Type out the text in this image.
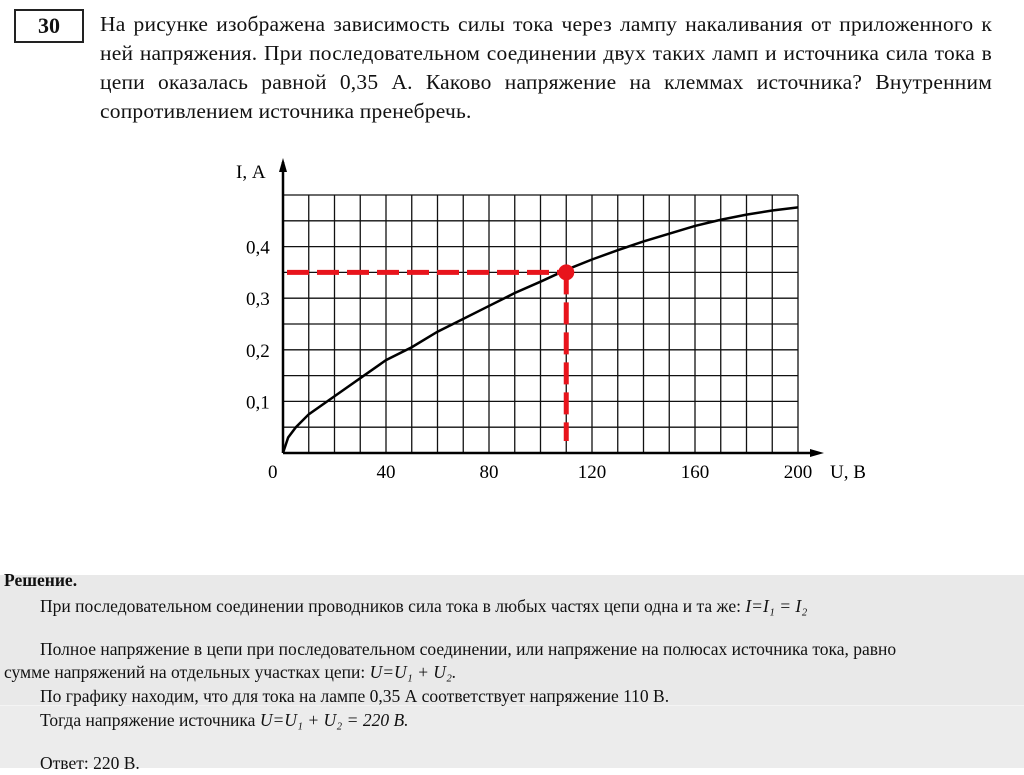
30	На рисунке изображена зависимость силы тока через лампу накаливания от приложенного к ней напряжения. При последовательном соединении двух таких ламп и источника сила тока в цепи оказалась равной 0,35 А. Каково напряжение на клеммах источника? Внутренним сопротивлением источника пренебречь.
0	40	80	120	160	200
0,1
0,2
0,3
0,4
U, В
I, А

Решение.

При последовательном соединении проводников сила тока в любых частях цепи одна и та же: I=I₁ = I₂

Полное напряжение в цепи при последовательном соединении, или напряжение на полюсах источника тока, равно

сумме напряжений на отдельных участках цепи: U=U₁ + U₂.

По графику находим, что для тока на лампе 0,35 А соответствует напряжение 110 В.

Тогда напряжение источника U=U₁ + U₂ = 220 В.

Ответ: 220 В.
